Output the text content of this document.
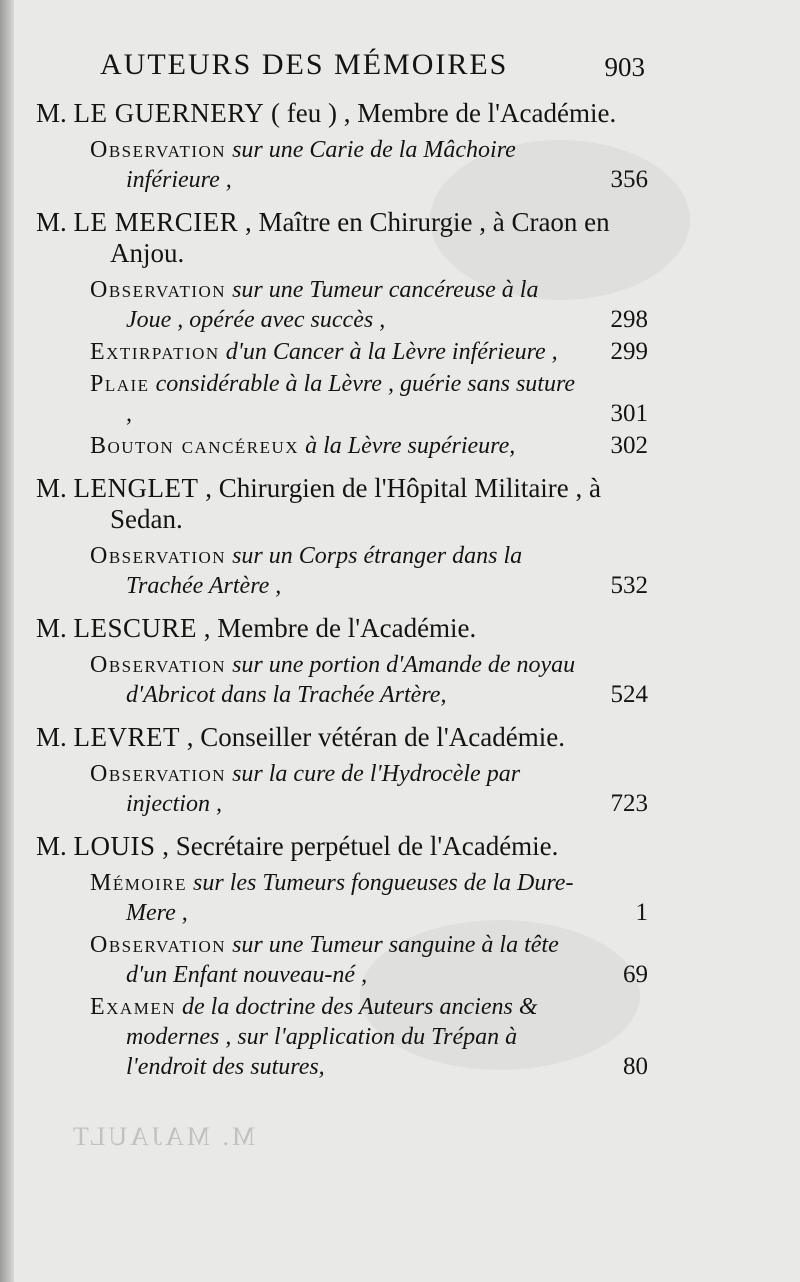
AUTEURS DES MÉMOIRES	903
M. LE GUERNERY ( feu ) , Membre de l'Académie.
Observation sur une Carie de la Mâchoire inférieure ,	356
M. LE MERCIER , Maître en Chirurgie , à Craon en Anjou.
Observation sur une Tumeur cancéreuse à la Joue , opérée avec succès ,	298
Extirpation d'un Cancer à la Lèvre inférieure , 299
Plaie considérable à la Lèvre , guérie sans suture ,	301
Bouton cancéreux à la Lèvre supérieure,	302
M. LENGLET , Chirurgien de l'Hôpital Militaire , à Sedan.
Observation sur un Corps étranger dans la Trachée Artère ,	532
M. LESCURE , Membre de l'Académie.
Observation sur une portion d'Amande de noyau d'Abricot dans la Trachée Artère,	524
M. LEVRET , Conseiller vétéran de l'Académie.
Observation sur la cure de l'Hydrocèle par injection ,	723
M. LOUIS , Secrétaire perpétuel de l'Académie.
Mémoire sur les Tumeurs fongueuses de la Dure-Mere ,	1
Observation sur une Tumeur sanguine à la tête d'un Enfant nouveau-né ,	69
Examen de la doctrine des Auteurs anciens & modernes , sur l'application du Trépan à l'endroit des sutures,	80
M. MAJAULT
